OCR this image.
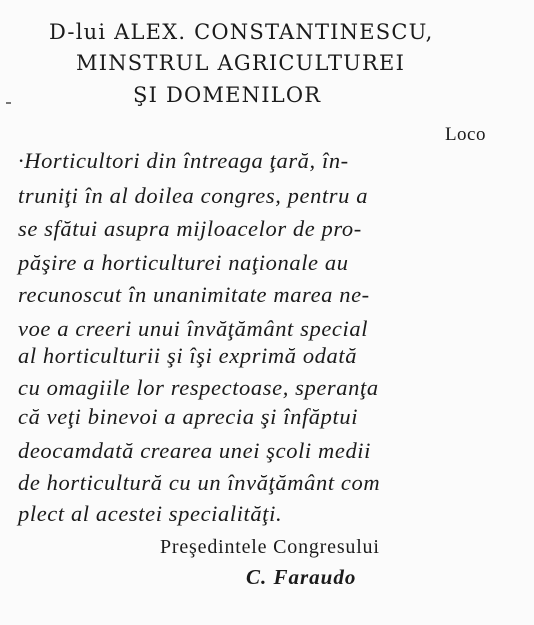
D-lui ALEX. CONSTANTINESCU,
MINSTRUL AGRICULTUREI
ŞI DOMENILOR
Loco
·Horticultori din întreaga ţară, în-
truniţi în al doilea congres, pentru a
se sfătui asupra mijloacelor de pro-
păşire a horticulturei naţionale au
recunoscut în unanimitate marea ne-
voe a creeri unui învăţământ special
al horticulturii şi îşi exprimă odată
cu omagiile lor respectoase, speranţa
că veţi binevoi a aprecia şi înfăptui
deocamdată crearea unei şcoli medii
de horticultură cu un învăţământ com
plect al acestei specialităţi.
Preşedintele Congresului
C. Faraudo
